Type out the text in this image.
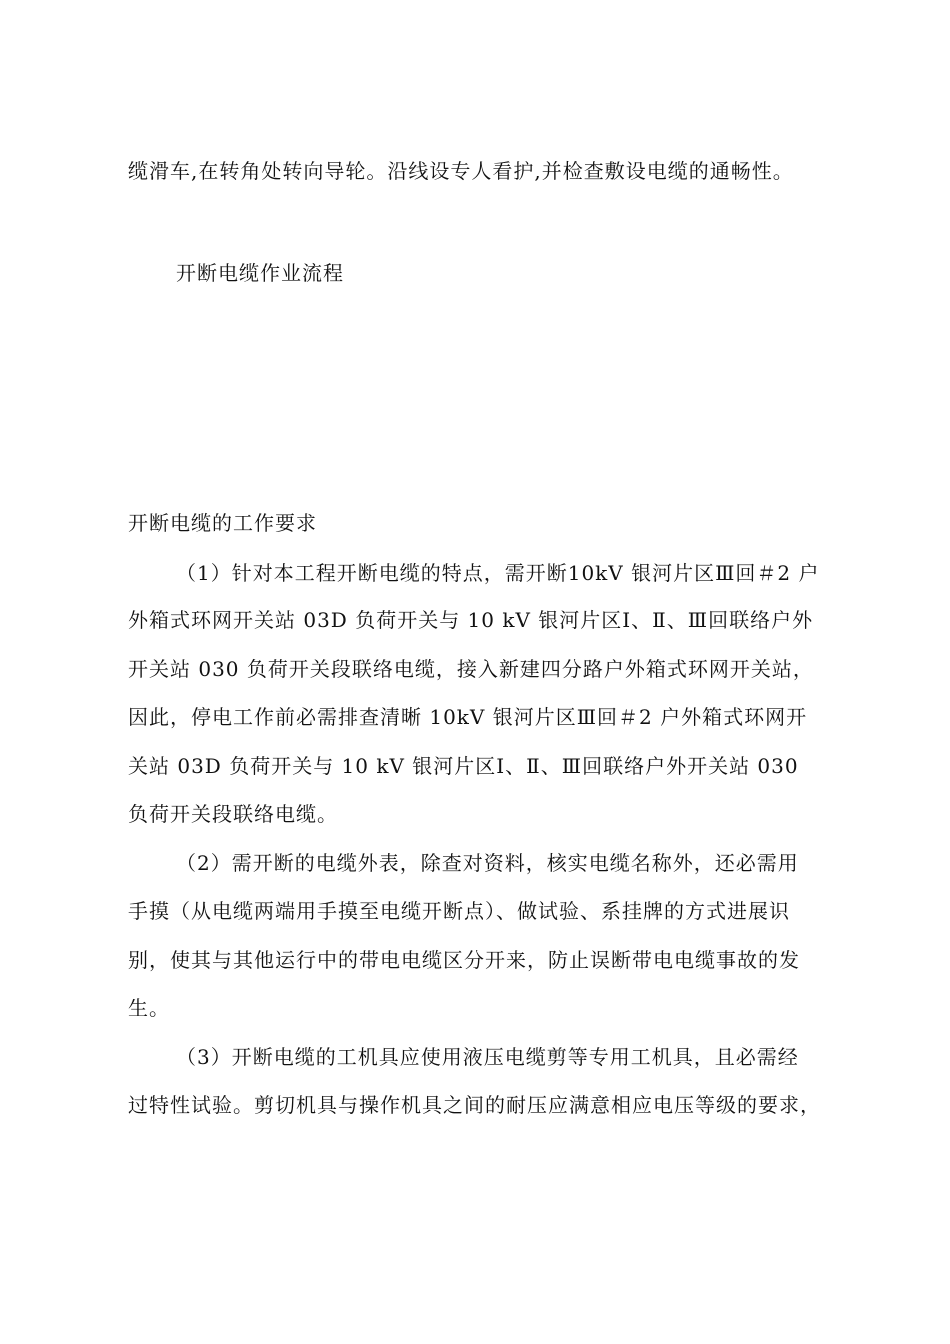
缆滑车,在转角处转向导轮。沿线设专人看护,并检查敷设电缆的通畅性。
开断电缆作业流程
开断电缆的工作要求
（1）针对本工程开断电缆的特点，需开断10kV 银河片区Ⅲ回＃2 户
外箱式环网开关站 03D 负荷开关与 10 kV 银河片区Ⅰ、Ⅱ、Ⅲ回联络户外
开关站 030 负荷开关段联络电缆，接入新建四分路户外箱式环网开关站，
因此，停电工作前必需排查清晰 10kV 银河片区Ⅲ回＃2 户外箱式环网开
关站 03D 负荷开关与 10 kV 银河片区Ⅰ、Ⅱ、Ⅲ回联络户外开关站 030
负荷开关段联络电缆。
（2）需开断的电缆外表，除查对资料，核实电缆名称外，还必需用
手摸（从电缆两端用手摸至电缆开断点）、做试验、系挂牌的方式进展识
别，使其与其他运行中的带电电缆区分开来，防止误断带电电缆事故的发
生。
（3）开断电缆的工机具应使用液压电缆剪等专用工机具，且必需经
过特性试验。剪切机具与操作机具之间的耐压应满意相应电压等级的要求，
